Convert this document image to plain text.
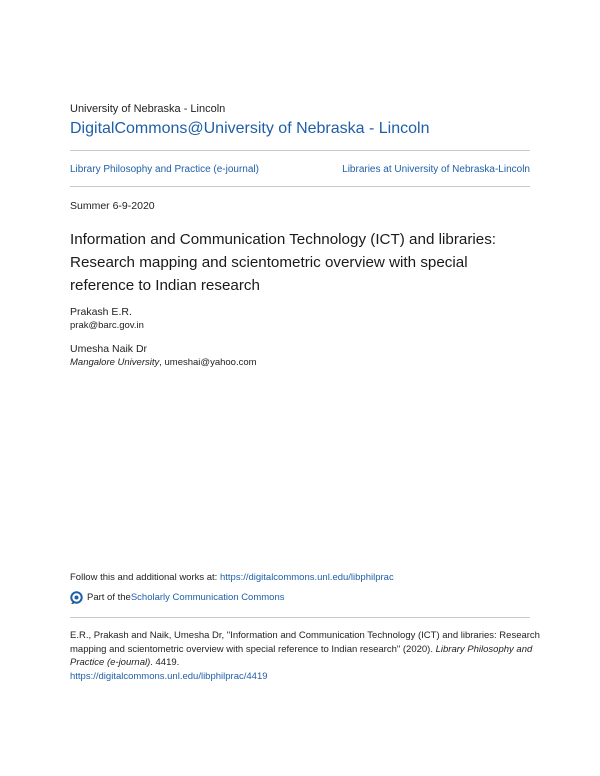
University of Nebraska - Lincoln
DigitalCommons@University of Nebraska - Lincoln
Library Philosophy and Practice (e-journal)	Libraries at University of Nebraska-Lincoln
Summer 6-9-2020
Information and Communication Technology (ICT) and libraries: Research mapping and scientometric overview with special reference to Indian research
Prakash E.R.
prak@barc.gov.in
Umesha Naik Dr
Mangalore University, umeshai@yahoo.com
Follow this and additional works at: https://digitalcommons.unl.edu/libphilprac
Part of the Scholarly Communication Commons
E.R., Prakash and Naik, Umesha Dr, "Information and Communication Technology (ICT) and libraries: Research mapping and scientometric overview with special reference to Indian research" (2020). Library Philosophy and Practice (e-journal). 4419.
https://digitalcommons.unl.edu/libphilprac/4419
